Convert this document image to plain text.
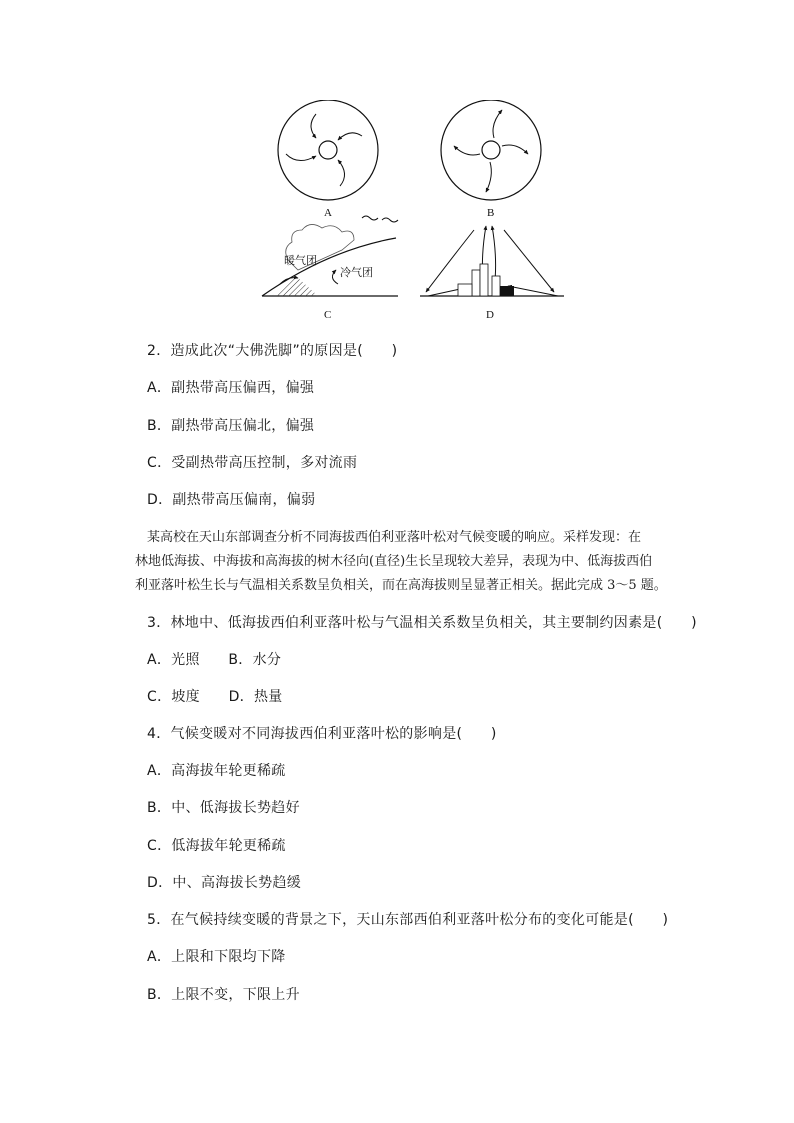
A	B
暖气团
冷气团
C	D
2．造成此次“大佛洗脚”的原因是(　　)
A．副热带高压偏西，偏强
B．副热带高压偏北，偏强
C．受副热带高压控制，多对流雨
D．副热带高压偏南，偏弱
某高校在天山东部调查分析不同海拔西伯利亚落叶松对气候变暖的响应。采样发现：在
林地低海拔、中海拔和高海拔的树木径向(直径)生长呈现较大差异，表现为中、低海拔西伯
利亚落叶松生长与气温相关系数呈负相关，而在高海拔则呈显著正相关。据此完成 3～5 题。
3．林地中、低海拔西伯利亚落叶松与气温相关系数呈负相关，其主要制约因素是(　　)
A．光照　　B．水分
C．坡度　　D．热量
4．气候变暖对不同海拔西伯利亚落叶松的影响是(　　)
A．高海拔年轮更稀疏
B．中、低海拔长势趋好
C．低海拔年轮更稀疏
D．中、高海拔长势趋缓
5．在气候持续变暖的背景之下，天山东部西伯利亚落叶松分布的变化可能是(　　)
A．上限和下限均下降
B．上限不变，下限上升
